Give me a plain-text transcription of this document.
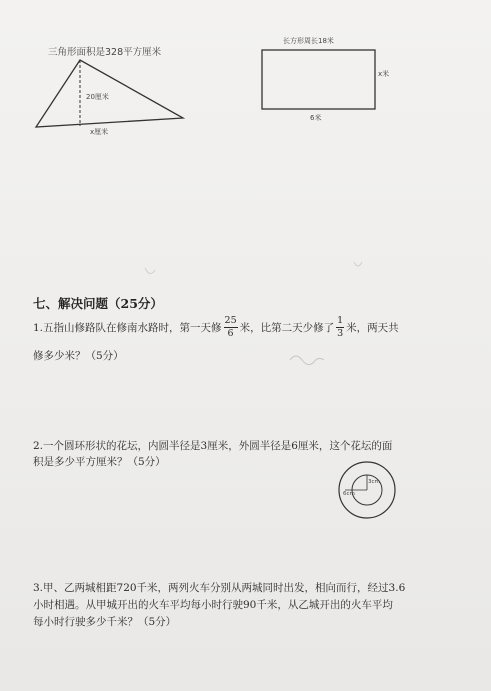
三角形面积是328平方厘米
20厘米
x厘米
长方形周长18米
x米
6米
七、解决问题（25分）
1.五指山修路队在修南水路时，第一天修 $\frac{25}{6}$ 米，比第二天少修了 $\frac{1}{3}$ 米，两天共
修多少米？（5分）
2.一个圆环形状的花坛，内圆半径是3厘米，外圆半径是6厘米，这个花坛的面
积是多少平方厘米？（5分）
3cm
6cm
3.甲、乙两城相距720千米，两列火车分别从两城同时出发，相向而行，经过3.6
小时相遇。从甲城开出的火车平均每小时行驶90千米，从乙城开出的火车平均
每小时行驶多少千米？（5分）
